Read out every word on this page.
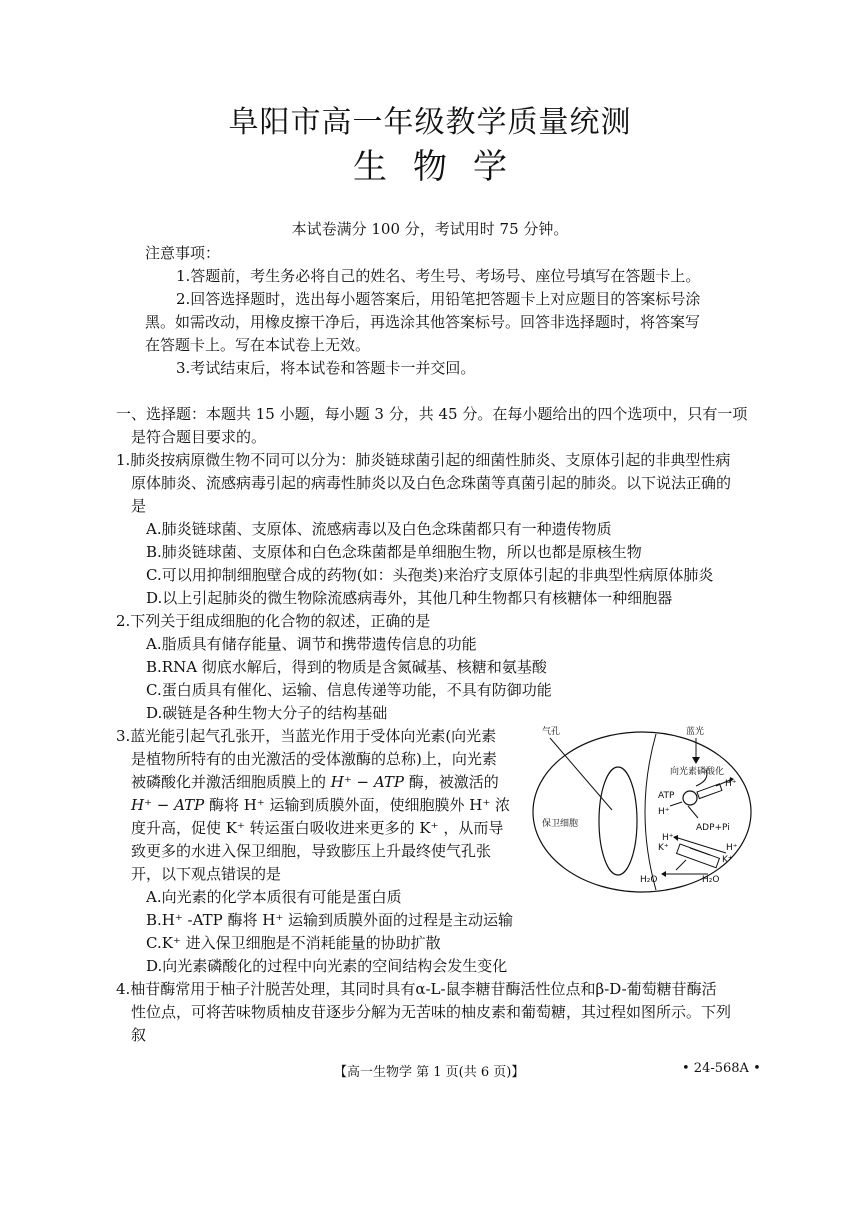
阜阳市高一年级教学质量统测
生物学
本试卷满分 100 分，考试用时 75 分钟。
注意事项：
1.答题前，考生务必将自己的姓名、考生号、考场号、座位号填写在答题卡上。
2.回答选择题时，选出每小题答案后，用铅笔把答题卡上对应题目的答案标号涂
黑。如需改动，用橡皮擦干净后，再选涂其他答案标号。回答非选择题时，将答案写
在答题卡上。写在本试卷上无效。
3.考试结束后，将本试卷和答题卡一并交回。
一、选择题：本题共 15 小题，每小题 3 分，共 45 分。在每小题给出的四个选项中，只有一项
是符合题目要求的。
1.肺炎按病原微生物不同可以分为：肺炎链球菌引起的细菌性肺炎、支原体引起的非典型性病
原体肺炎、流感病毒引起的病毒性肺炎以及白色念珠菌等真菌引起的肺炎。以下说法正确的
是
A.肺炎链球菌、支原体、流感病毒以及白色念珠菌都只有一种遗传物质
B.肺炎链球菌、支原体和白色念珠菌都是单细胞生物，所以也都是原核生物
C.可以用抑制细胞壁合成的药物(如：头孢类)来治疗支原体引起的非典型性病原体肺炎
D.以上引起肺炎的微生物除流感病毒外，其他几种生物都只有核糖体一种细胞器
2.下列关于组成细胞的化合物的叙述，正确的是
A.脂质具有储存能量、调节和携带遗传信息的功能
B.RNA 彻底水解后，得到的物质是含氮碱基、核糖和氨基酸
C.蛋白质具有催化、运输、信息传递等功能，不具有防御功能
D.碳链是各种生物大分子的结构基础
3.蓝光能引起气孔张开，当蓝光作用于受体向光素(向光素
是植物所特有的由光激活的受体激酶的总称)上，向光素
被磷酸化并激活细胞质膜上的 H⁺ − ATP 酶，被激活的
H⁺ − ATP 酶将 H⁺ 运输到质膜外面，使细胞膜外 H⁺ 浓
度升高，促使 K⁺ 转运蛋白吸收进来更多的 K⁺ ，从而导
致更多的水进入保卫细胞，导致膨压上升最终使气孔张
开，以下观点错误的是
A.向光素的化学本质很有可能是蛋白质
B.H⁺ -ATP 酶将 H⁺ 运输到质膜外面的过程是主动运输
C.K⁺ 进入保卫细胞是不消耗能量的协助扩散
D.向光素磷酸化的过程中向光素的空间结构会发生变化
气孔	蓝光
向光素磷酸化
保卫细胞
ATP
H⁺
H⁺
ADP+Pi
H⁺
K⁺	H⁺
K⁺
H₂O	H₂O
4.柚苷酶常用于柚子汁脱苦处理，其同时具有α-L-鼠李糖苷酶活性位点和β-D-葡萄糖苷酶活
性位点，可将苦味物质柚皮苷逐步分解为无苦味的柚皮素和葡萄糖，其过程如图所示。下列
叙
【高一生物学 第 1 页(共 6 页)】	• 24-568A •
